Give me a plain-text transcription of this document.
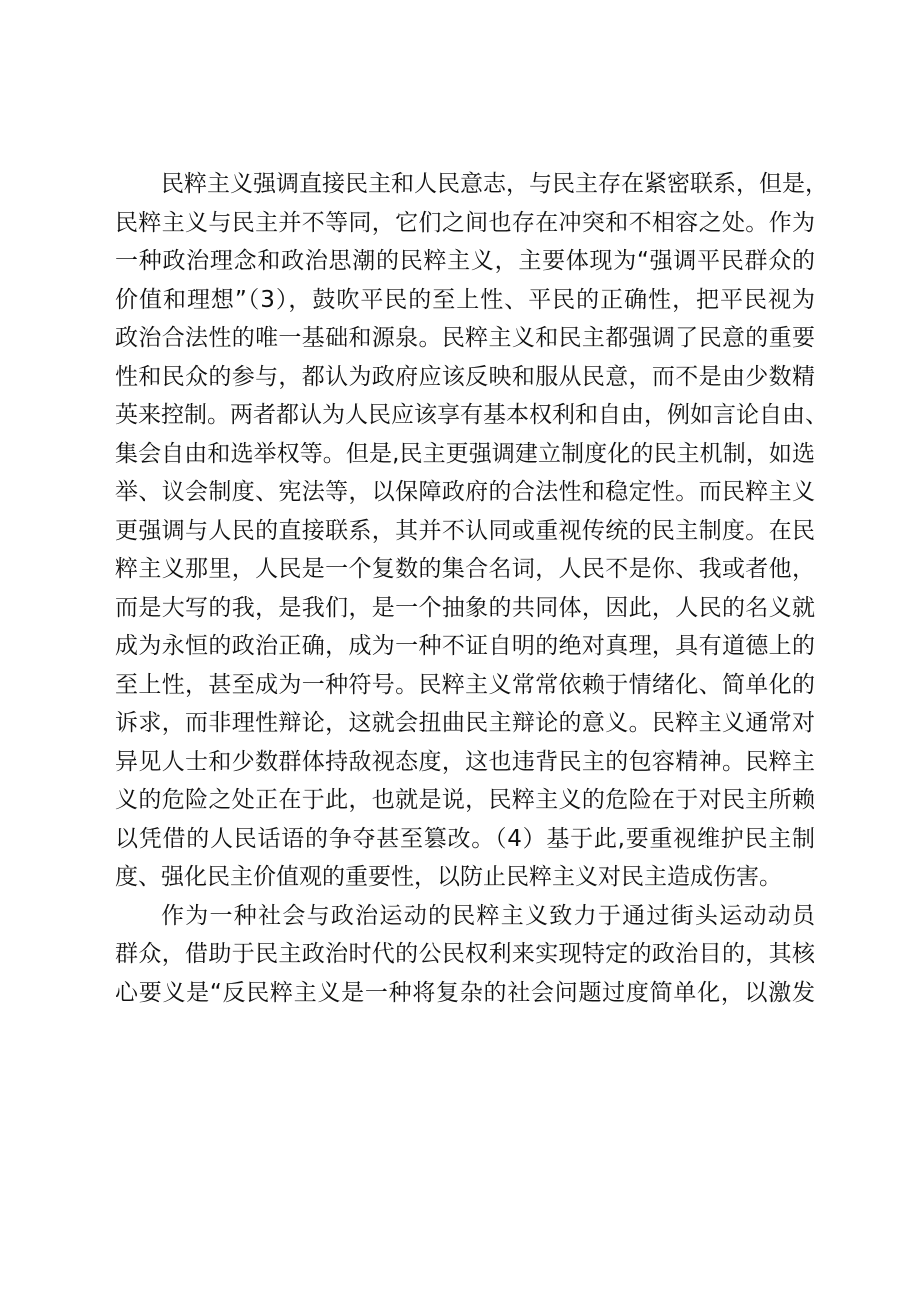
民粹主义强调直接民主和人民意志，与民主存在紧密联系，但是，
民粹主义与民主并不等同，它们之间也存在冲突和不相容之处。作为
一种政治理念和政治思潮的民粹主义，主要体现为“强调平民群众的
价值和理想”（3），鼓吹平民的至上性、平民的正确性，把平民视为
政治合法性的唯一基础和源泉。民粹主义和民主都强调了民意的重要
性和民众的参与，都认为政府应该反映和服从民意，而不是由少数精
英来控制。两者都认为人民应该享有基本权利和自由，例如言论自由、
集会自由和选举权等。但是,民主更强调建立制度化的民主机制，如选
举、议会制度、宪法等，以保障政府的合法性和稳定性。而民粹主义
更强调与人民的直接联系，其并不认同或重视传统的民主制度。在民
粹主义那里，人民是一个复数的集合名词，人民不是你、我或者他，
而是大写的我，是我们，是一个抽象的共同体，因此，人民的名义就
成为永恒的政治正确，成为一种不证自明的绝对真理，具有道德上的
至上性，甚至成为一种符号。民粹主义常常依赖于情绪化、简单化的
诉求，而非理性辩论，这就会扭曲民主辩论的意义。民粹主义通常对
异见人士和少数群体持敌视态度，这也违背民主的包容精神。民粹主
义的危险之处正在于此，也就是说，民粹主义的危险在于对民主所赖
以凭借的人民话语的争夺甚至篡改。（4）基于此,要重视维护民主制
度、强化民主价值观的重要性，以防止民粹主义对民主造成伤害。
作为一种社会与政治运动的民粹主义致力于通过街头运动动员
群众，借助于民主政治时代的公民权利来实现特定的政治目的，其核
心要义是“反民粹主义是一种将复杂的社会问题过度简单化，以激发
